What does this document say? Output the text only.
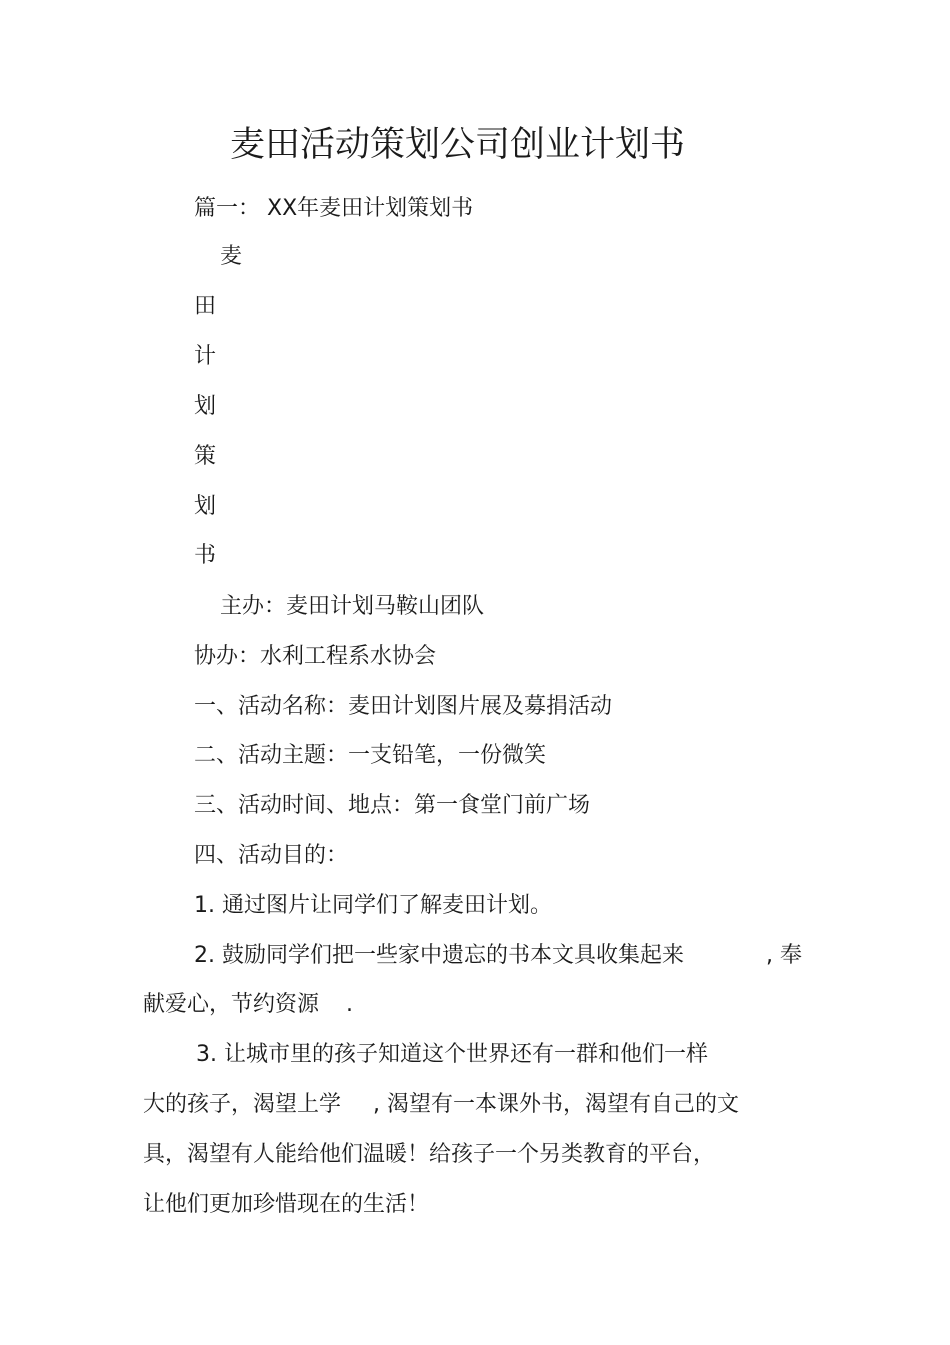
麦田活动策划公司创业计划书
篇一： XX年麦田计划策划书
麦
田
计
划
策
划
书
主办：麦田计划马鞍山团队
协办：水利工程系水协会
一、活动名称：麦田计划图片展及募捐活动
二、活动主题：一支铅笔，一份微笑
三、活动时间、地点：第一食堂门前广场
四、活动目的：
1. 通过图片让同学们了解麦田计划。
2. 鼓励同学们把一些家中遗忘的书本文具收集起来	, 奉
献爱心，节约资源 .
3. 让城市里的孩子知道这个世界还有一群和他们一样
大的孩子，渴望上学 , 渴望有一本课外书，渴望有自己的文
具，渴望有人能给他们温暖！给孩子一个另类教育的平台，
让他们更加珍惜现在的生活！
